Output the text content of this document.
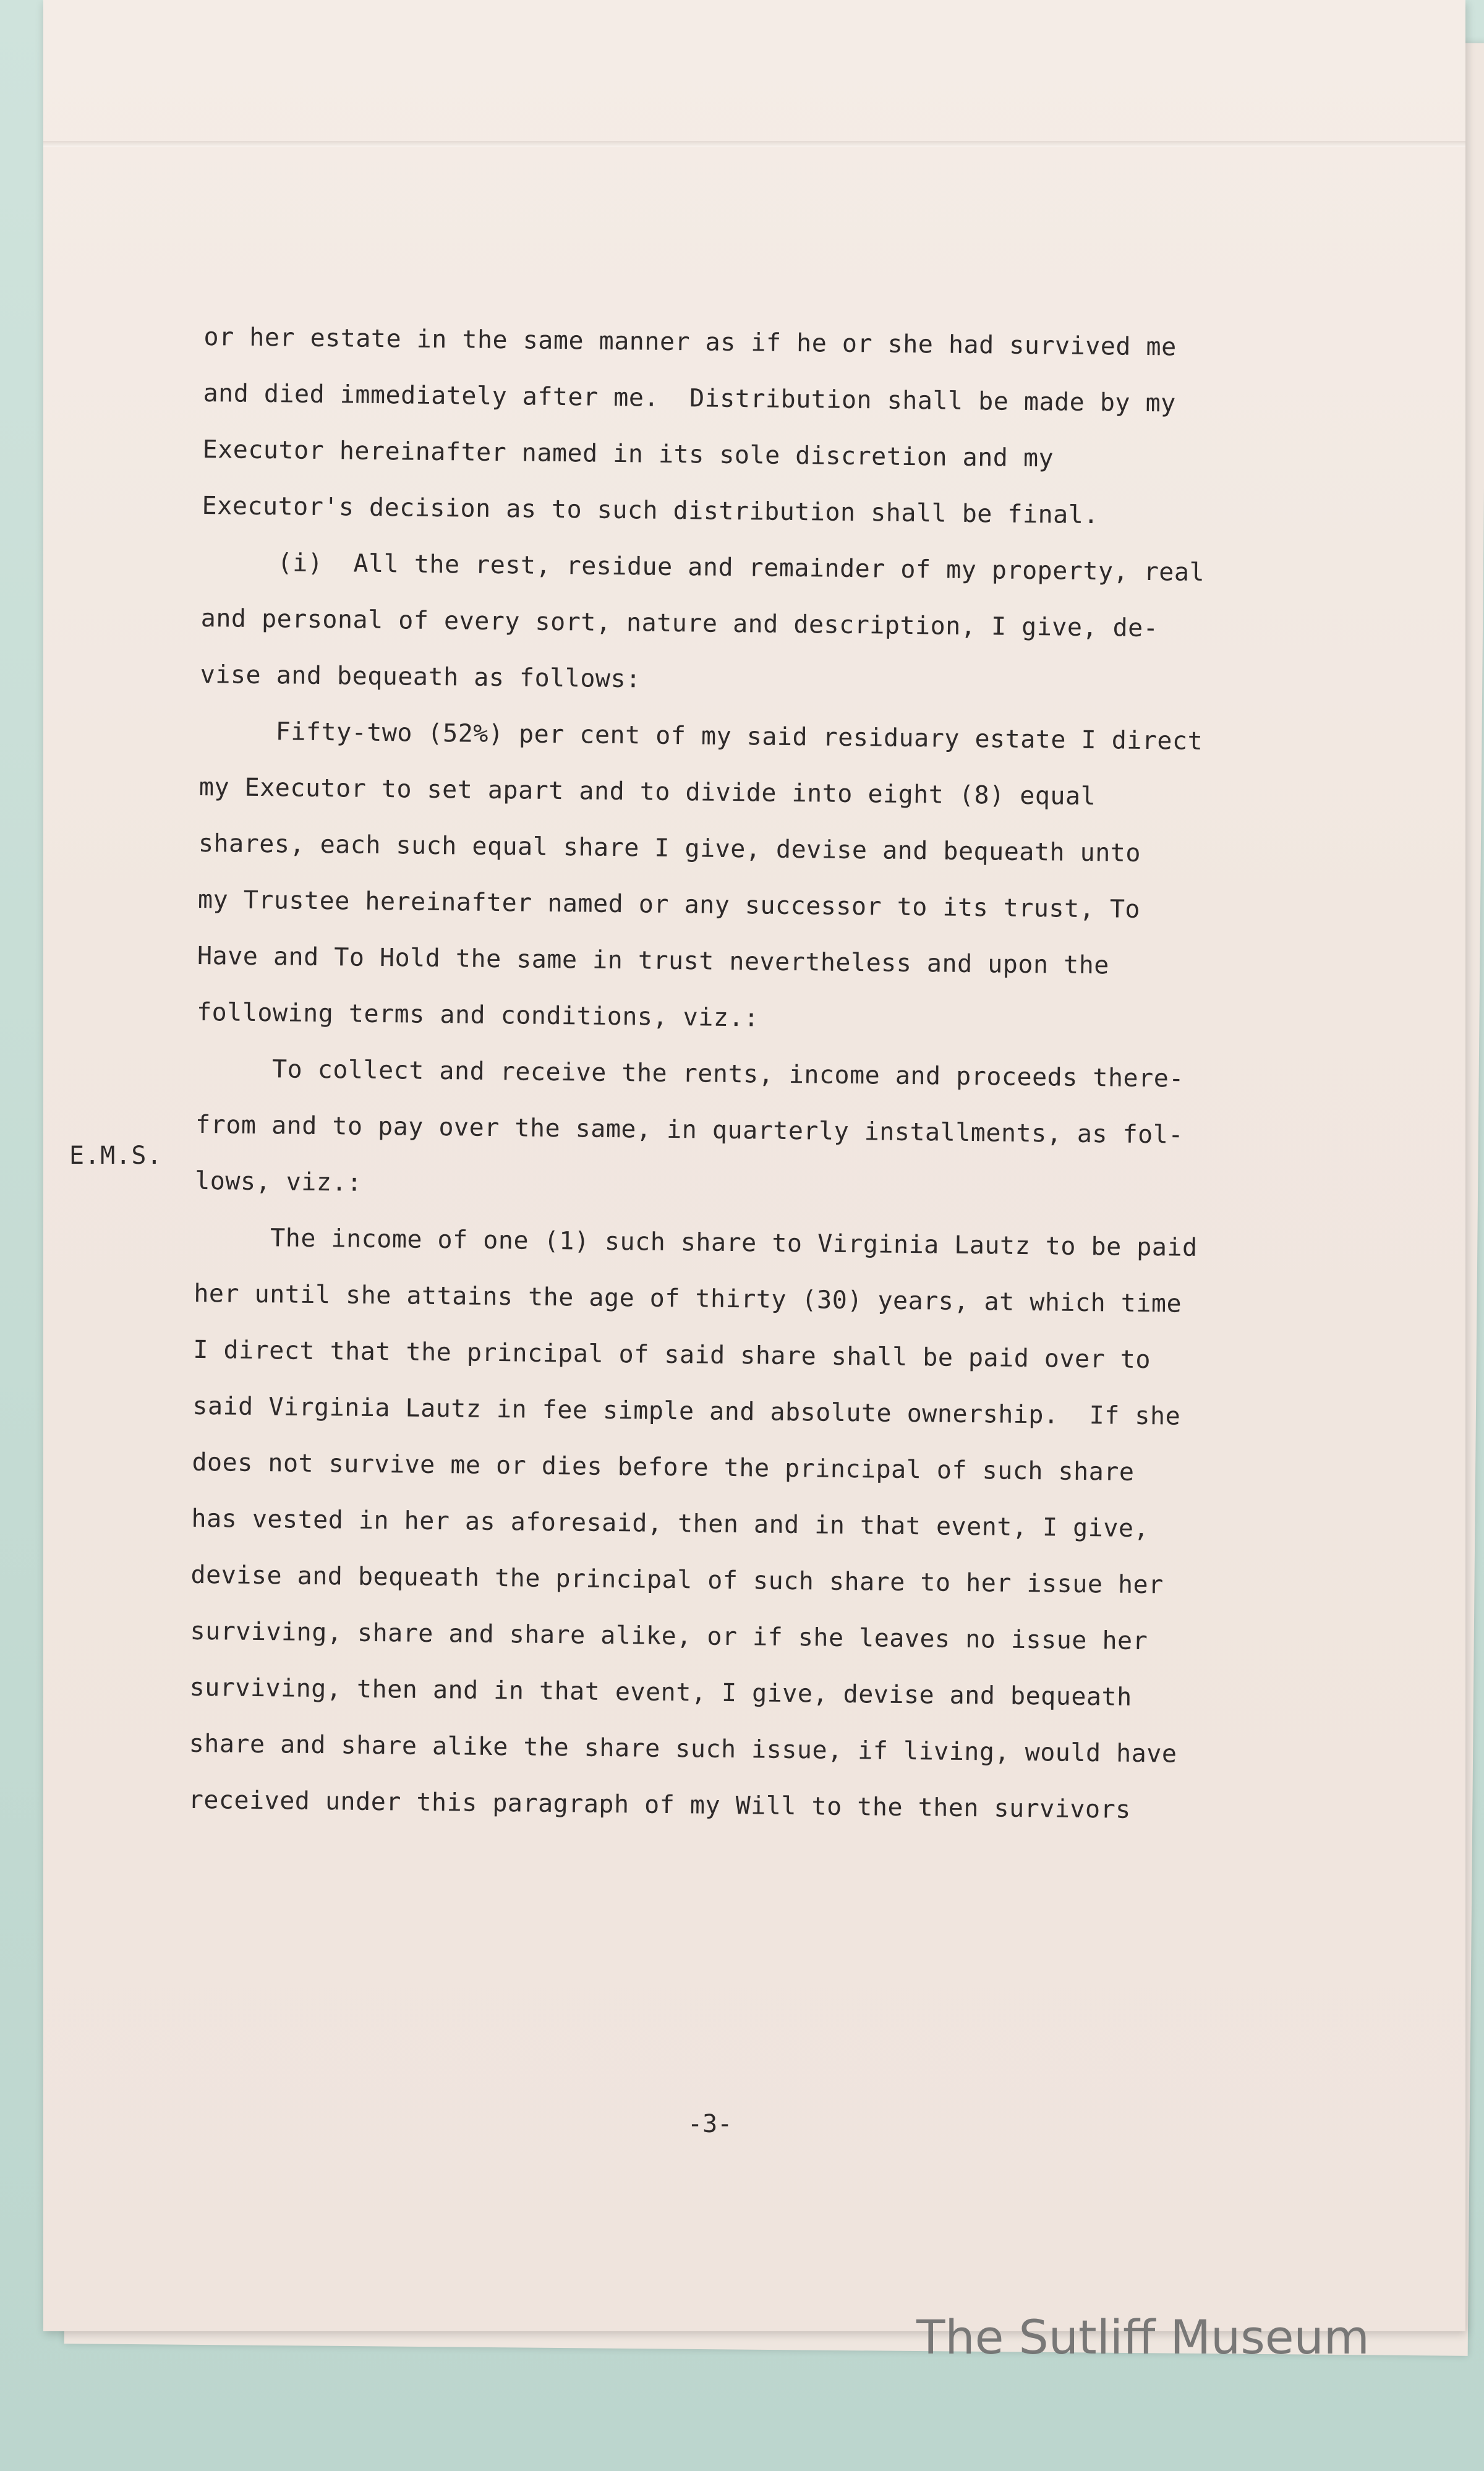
or her estate in the same manner as if he or she had survived me
and died immediately after me.  Distribution shall be made by my
Executor hereinafter named in its sole discretion and my
Executor's decision as to such distribution shall be final.
(i)  All the rest, residue and remainder of my property, real
and personal of every sort, nature and description, I give, de-
vise and bequeath as follows:
Fifty-two (52%) per cent of my said residuary estate I direct
my Executor to set apart and to divide into eight (8) equal
shares, each such equal share I give, devise and bequeath unto
my Trustee hereinafter named or any successor to its trust, To
Have and To Hold the same in trust nevertheless and upon the
following terms and conditions, viz.:
To collect and receive the rents, income and proceeds there-
from and to pay over the same, in quarterly installments, as fol-
lows, viz.:
The income of one (1) such share to Virginia Lautz to be paid
her until she attains the age of thirty (30) years, at which time
I direct that the principal of said share shall be paid over to
said Virginia Lautz in fee simple and absolute ownership.  If she
does not survive me or dies before the principal of such share
has vested in her as aforesaid, then and in that event, I give,
devise and bequeath the principal of such share to her issue her
surviving, share and share alike, or if she leaves no issue her
surviving, then and in that event, I give, devise and bequeath
share and share alike the share such issue, if living, would have
received under this paragraph of my Will to the then survivors
E.M.S.
-3-
The Sutliff Museum
